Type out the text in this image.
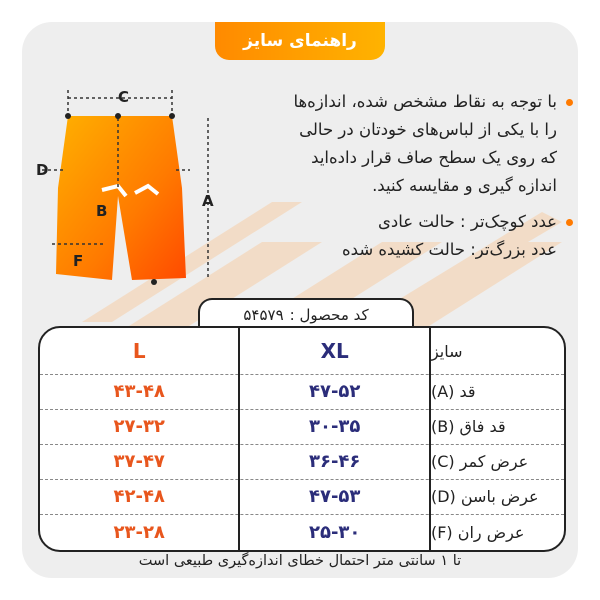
راهنمای سایز

با توجه به نقاط مشخص شده، اندازه‌ها

را با یکی از لباس‌های خودتان در حالی

که روی یک سطح صاف قرار داده‌اید

اندازه گیری و مقایسه کنید.

عدد کوچک‌تر : حالت عادی

عدد بزرگ‌تر: حالت کشیده شده

C
D
A
B
F
کد محصول :
۵۴۵۷۹
L	XL	سایز
۴۳-۴۸	۴۷-۵۲	قد (A)
۲۷-۳۲	۳۰-۳۵	قد فاق (B)
۳۷-۴۷	۳۶-۴۶	عرض کمر (C)
۴۲-۴۸	۴۷-۵۳	عرض باسن (D)
۲۳-۲۸	۲۵-۳۰	عرض ران (F)
تا ۱ سانتی متر احتمال خطای اندازه‌گیری طبیعی است
